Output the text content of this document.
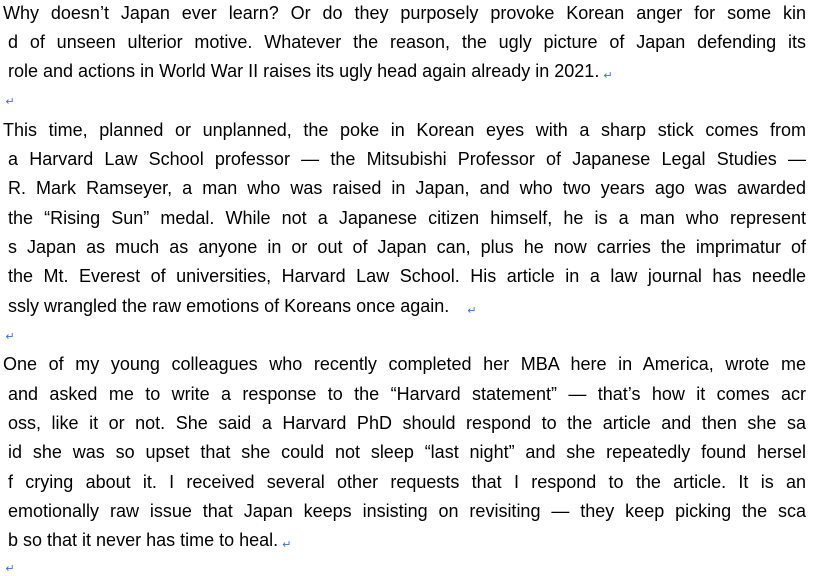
Why doesn’t Japan ever learn? Or do they purposely provoke Korean anger for some kin
d of unseen ulterior motive. Whatever the reason, the ugly picture of Japan defending its
role and actions in World War II raises its ugly head again already in 2021. ↵
↵
This time, planned or unplanned, the poke in Korean eyes with a sharp stick comes from
a Harvard Law School professor — the Mitsubishi Professor of Japanese Legal Studies —
R. Mark Ramseyer, a man who was raised in Japan, and who two years ago was awarded
the “Rising Sun” medal. While not a Japanese citizen himself, he is a man who represent
s Japan as much as anyone in or out of Japan can, plus he now carries the imprimatur of
the Mt. Everest of universities, Harvard Law School. His article in a law journal has needle
ssly wrangled the raw emotions of Koreans once again. ↵
↵
One of my young colleagues who recently completed her MBA here in America, wrote me
and asked me to write a response to the “Harvard statement” — that’s how it comes acr
oss, like it or not. She said a Harvard PhD should respond to the article and then she sa
id she was so upset that she could not sleep “last night” and she repeatedly found hersel
f crying about it. I received several other requests that I respond to the article. It is an
emotionally raw issue that Japan keeps insisting on revisiting — they keep picking the sca
b so that it never has time to heal. ↵
↵
